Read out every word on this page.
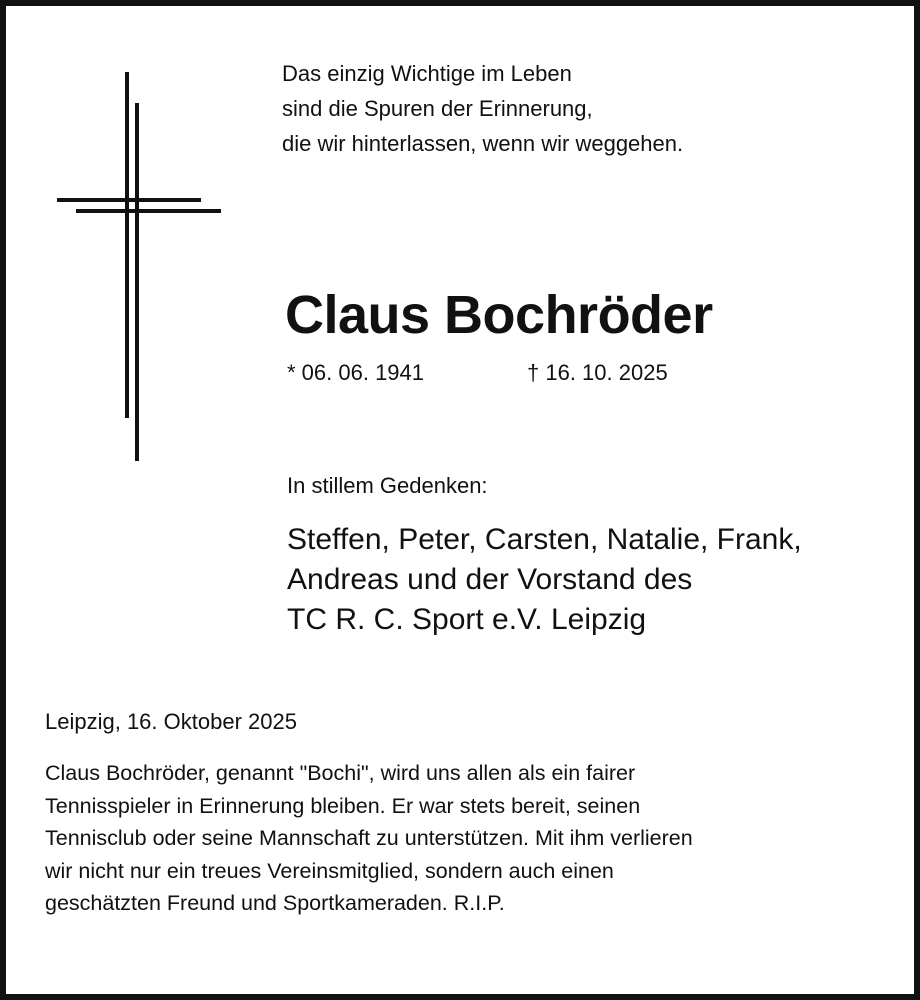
Das einzig Wichtige im Leben
sind die Spuren der Erinnerung,
die wir hinterlassen, wenn wir weggehen.

Claus Bochröder
* 06. 06. 1941	† 16. 10. 2025
In stillem Gedenken:

Steffen, Peter, Carsten, Natalie, Frank,
Andreas und der Vorstand des
TC R. C. Sport e.V. Leipzig

Leipzig, 16. Oktober 2025

Claus Bochröder, genannt "Bochi", wird uns allen als ein fairer
Tennisspieler in Erinnerung bleiben. Er war stets bereit, seinen
Tennisclub oder seine Mannschaft zu unterstützen. Mit ihm verlieren
wir nicht nur ein treues Vereinsmitglied, sondern auch einen
geschätzten Freund und Sportkameraden. R.I.P.
